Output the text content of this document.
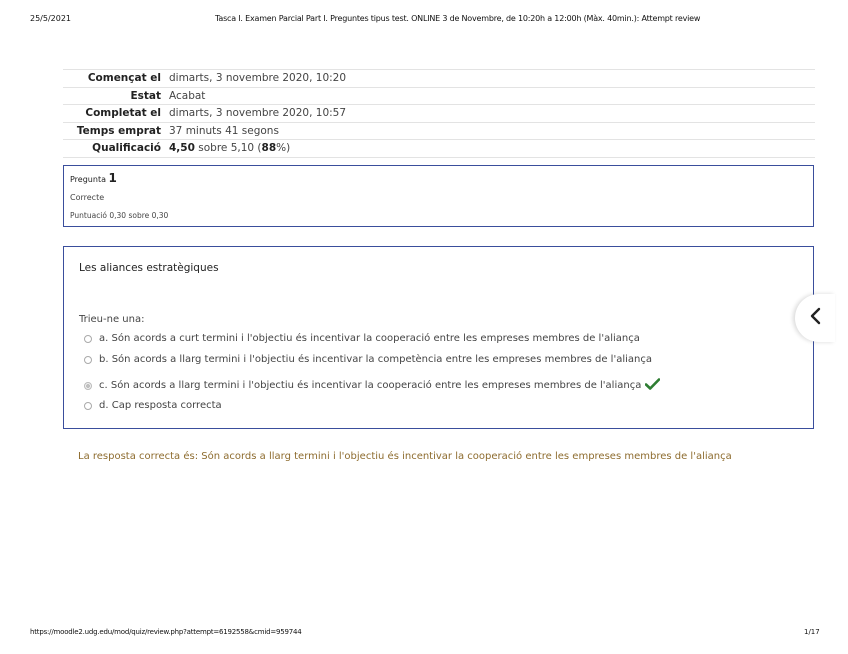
25/5/2021	Tasca I. Examen Parcial Part I. Preguntes tipus test. ONLINE 3 de Novembre, de 10:20h a 12:00h (Màx. 40min.): Attempt review
Començat el dimarts, 3 novembre 2020, 10:20
Estat Acabat
Completat el dimarts, 3 novembre 2020, 10:57
Temps emprat 37 minuts 41 segons
Qualificació 4,50 sobre 5,10 (88%)
Pregunta 1
Correcte
Puntuació 0,30 sobre 0,30
Les aliances estratègiques
Trieu-ne una:
a. Són acords a curt termini i l'objectiu és incentivar la cooperació entre les empreses membres de l'aliança
b. Són acords a llarg termini i l'objectiu és incentivar la competència entre les empreses membres de l'aliança
c. Són acords a llarg termini i l'objectiu és incentivar la cooperació entre les empreses membres de l'aliança
d. Cap resposta correcta
La resposta correcta és: Són acords a llarg termini i l'objectiu és incentivar la cooperació entre les empreses membres de l'aliança
https://moodle2.udg.edu/mod/quiz/review.php?attempt=6192558&cmid=959744	1/17
